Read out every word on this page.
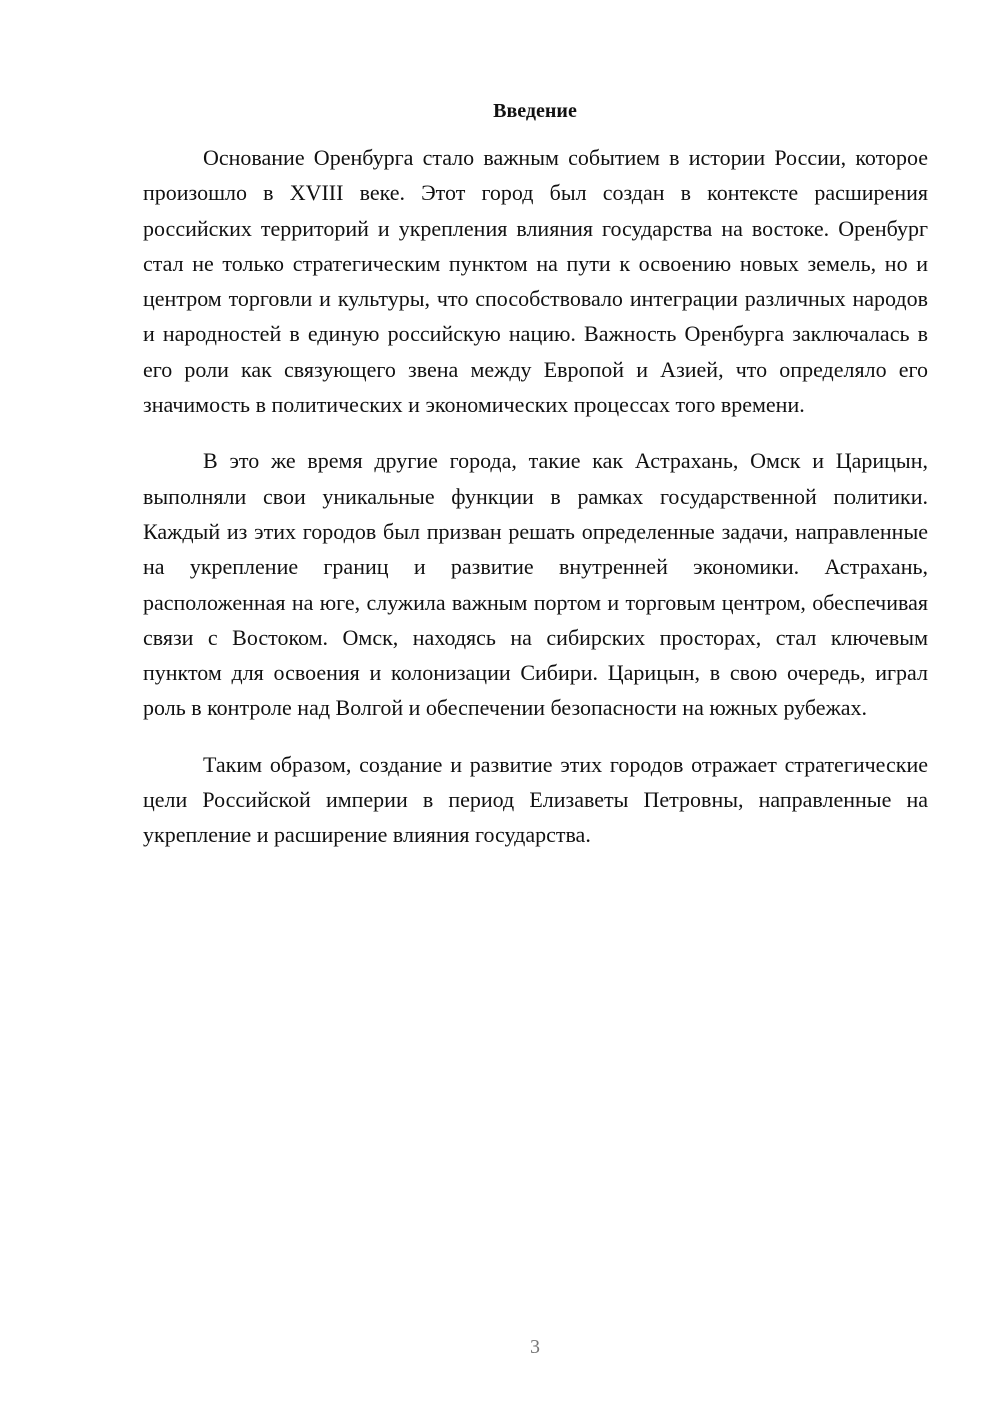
Введение

Основание Оренбурга стало важным событием в истории России, которое произошло в XVIII веке. Этот город был создан в контексте расширения российских территорий и укрепления влияния государства на востоке. Оренбург стал не только стратегическим пунктом на пути к освоению новых земель, но и центром торговли и культуры, что способствовало интеграции различных народов и народностей в единую российскую нацию. Важность Оренбурга заключалась в его роли как связующего звена между Европой и Азией, что определяло его значимость в политических и экономических процессах того времени.

В это же время другие города, такие как Астрахань, Омск и Царицын, выполняли свои уникальные функции в рамках государственной политики. Каждый из этих городов был призван решать определенные задачи, направленные на укрепление границ и развитие внутренней экономики. Астрахань, расположенная на юге, служила важным портом и торговым центром, обеспечивая связи с Востоком. Омск, находясь на сибирских просторах, стал ключевым пунктом для освоения и колонизации Сибири. Царицын, в свою очередь, играл роль в контроле над Волгой и обеспечении безопасности на южных рубежах.

Таким образом, создание и развитие этих городов отражает стратегические цели Российской империи в период Елизаветы Петровны, направленные на укрепление и расширение влияния государства.

3
